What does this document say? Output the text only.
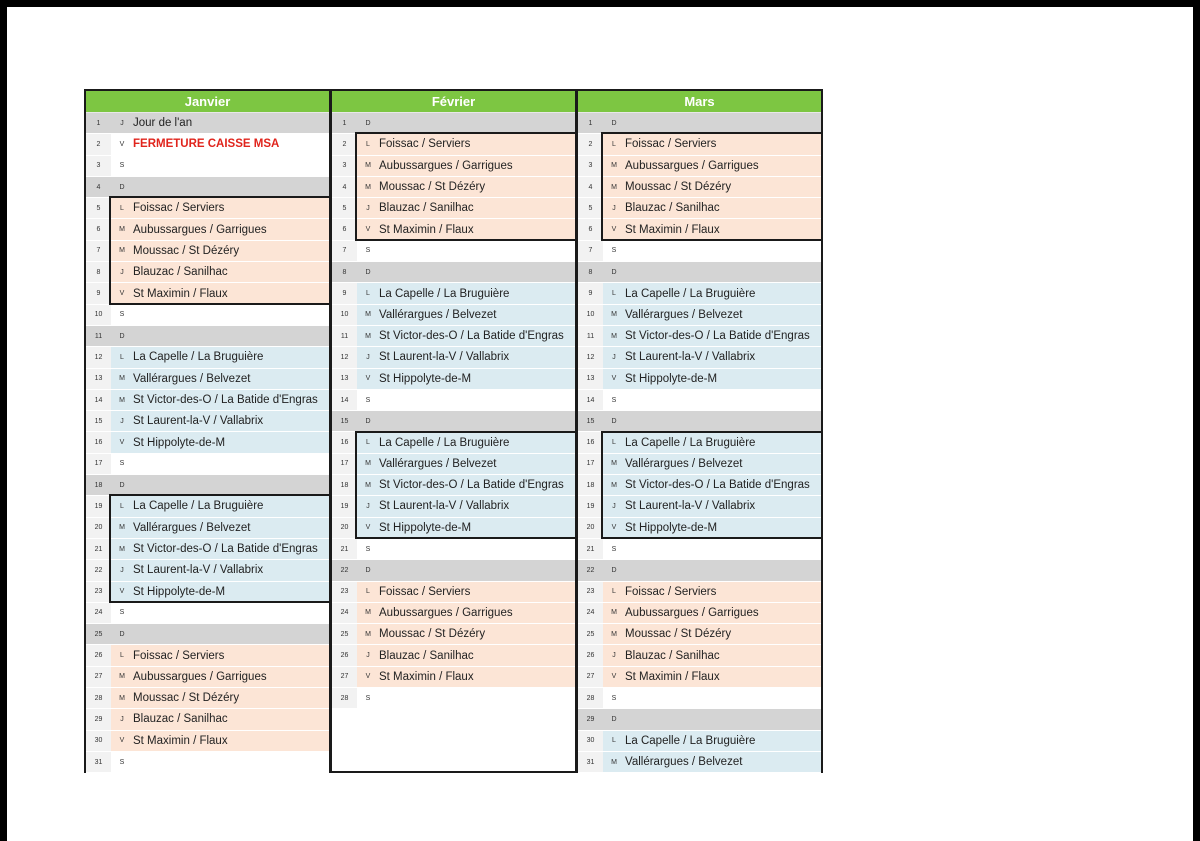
Janvier
1	J Jour de l'an
2	V FERMETURE CAISSE MSA
3	S
4	D
5	L Foissac / Serviers
6	M Aubussargues / Garrigues
7	M Moussac / St Dézéry
8	J Blauzac / Sanilhac
9	V St Maximin / Flaux
10	S
11	D
12	L La Capelle / La Bruguière
13	M Vallérargues / Belvezet
14	M St Victor-des-O / La Batide d'Engras
15	J St Laurent-la-V / Vallabrix
16	V St Hippolyte-de-M
17	S
18	D
19	L La Capelle / La Bruguière
20	M Vallérargues / Belvezet
21	M St Victor-des-O / La Batide d'Engras
22	J St Laurent-la-V / Vallabrix
23	V St Hippolyte-de-M
24	S
25	D
26	L Foissac / Serviers
27	M Aubussargues / Garrigues
28	M Moussac / St Dézéry
29	J Blauzac / Sanilhac
30	V St Maximin / Flaux
31	S
Février
1	D
2	L Foissac / Serviers
3	M Aubussargues / Garrigues
4	M Moussac / St Dézéry
5	J Blauzac / Sanilhac
6	V St Maximin / Flaux
7	S
8	D
9	L La Capelle / La Bruguière
10	M Vallérargues / Belvezet
11	M St Victor-des-O / La Batide d'Engras
12	J St Laurent-la-V / Vallabrix
13	V St Hippolyte-de-M
14	S
15	D
16	L La Capelle / La Bruguière
17	M Vallérargues / Belvezet
18	M St Victor-des-O / La Batide d'Engras
19	J St Laurent-la-V / Vallabrix
20	V St Hippolyte-de-M
21	S
22	D
23	L Foissac / Serviers
24	M Aubussargues / Garrigues
25	M Moussac / St Dézéry
26	J Blauzac / Sanilhac
27	V St Maximin / Flaux
28	S
Mars
1	D
2	L Foissac / Serviers
3	M Aubussargues / Garrigues
4	M Moussac / St Dézéry
5	J Blauzac / Sanilhac
6	V St Maximin / Flaux
7	S
8	D
9	L La Capelle / La Bruguière
10	M Vallérargues / Belvezet
11	M St Victor-des-O / La Batide d'Engras
12	J St Laurent-la-V / Vallabrix
13	V St Hippolyte-de-M
14	S
15	D
16	L La Capelle / La Bruguière
17	M Vallérargues / Belvezet
18	M St Victor-des-O / La Batide d'Engras
19	J St Laurent-la-V / Vallabrix
20	V St Hippolyte-de-M
21	S
22	D
23	L Foissac / Serviers
24	M Aubussargues / Garrigues
25	M Moussac / St Dézéry
26	J Blauzac / Sanilhac
27	V St Maximin / Flaux
28	S
29	D
30	L La Capelle / La Bruguière
31	M Vallérargues / Belvezet
